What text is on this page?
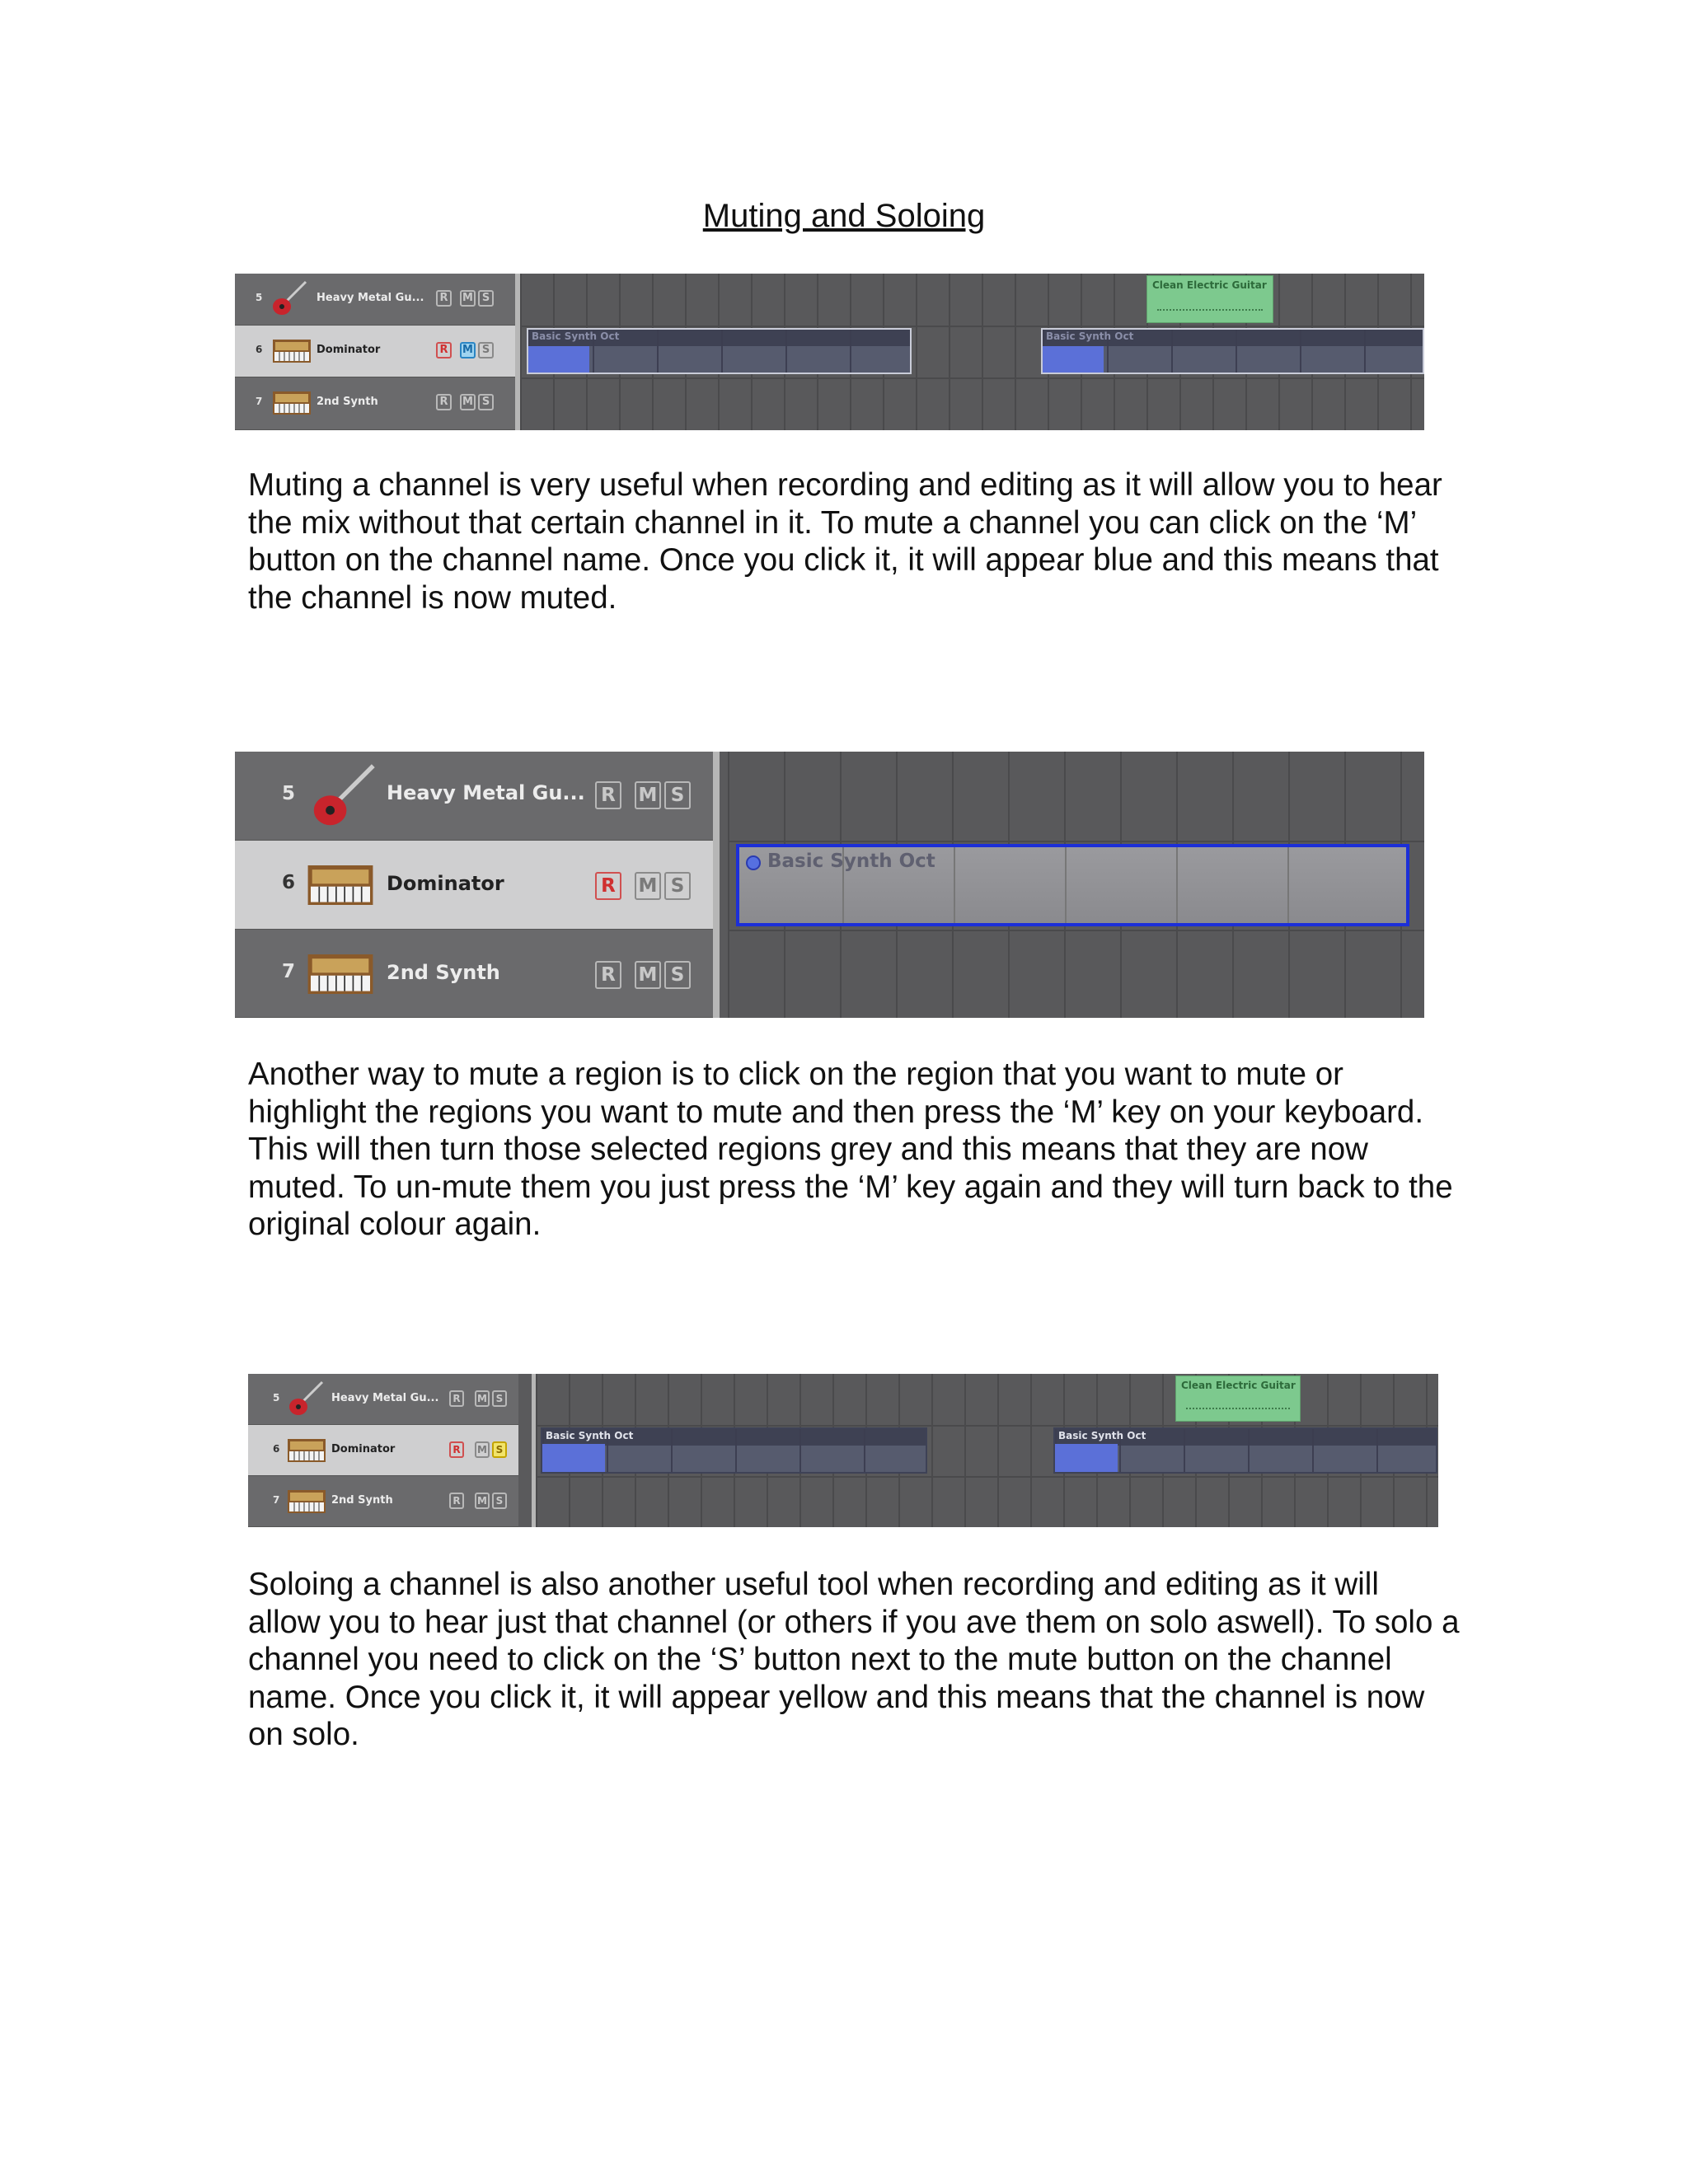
Muting and Soloing
5	Heavy Metal Gu...	R	M S
6	Dominator	R	M S
7	2nd Synth	R	M S
Clean Electric Guitar
Basic Synth Oct	Basic Synth Oct

Muting a channel is very useful when recording and editing as it will allow you to hear the mix without that certain channel in it. To mute a channel you can click on the ‘M’ button on the channel name. Once you click it, it will appear blue and this means that the channel is now muted.

5	Heavy Metal Gu... R	M S
6	Dominator	R	M S
7	2nd Synth	R	M S
Basic Synth Oct

Another way to mute a region is to click on the region that you want to mute or highlight the regions you want to mute and then press the ‘M’ key on your keyboard. This will then turn those selected regions grey and this means that they are now muted. To un-mute them you just press the ‘M’ key again and they will turn back to the original colour again.

5	Heavy Metal Gu...	R	M S
6	Dominator	R	M S
7	2nd Synth	R	M S
Clean Electric Guitar
Basic Synth Oct	Basic Synth Oct

Soloing a channel is also another useful tool when recording and editing as it will allow you to hear just that channel (or others if you ave them on solo aswell). To solo a channel you need to click on the ‘S’ button next to the mute button on the channel name. Once you click it, it will appear yellow and this means that the channel is now on solo.
